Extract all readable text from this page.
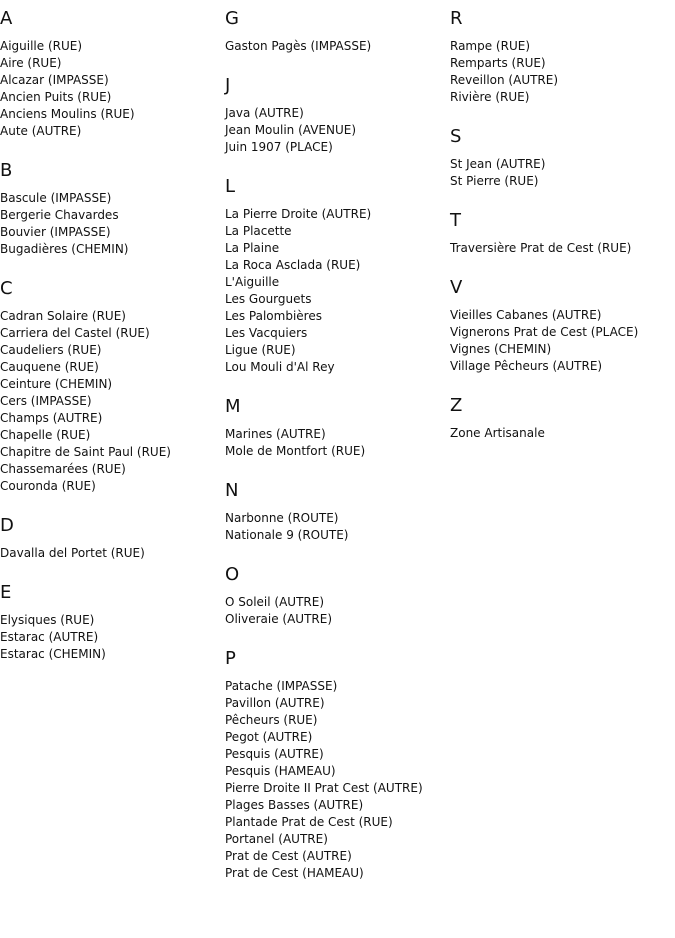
A
Aiguille (RUE)
Aire (RUE)
Alcazar (IMPASSE)
Ancien Puits (RUE)
Anciens Moulins (RUE)
Aute (AUTRE)
B
Bascule (IMPASSE)
Bergerie Chavardes
Bouvier (IMPASSE)
Bugadières (CHEMIN)
C
Cadran Solaire (RUE)
Carriera del Castel (RUE)
Caudeliers (RUE)
Cauquene (RUE)
Ceinture (CHEMIN)
Cers (IMPASSE)
Champs (AUTRE)
Chapelle (RUE)
Chapitre de Saint Paul (RUE)
Chassemarées (RUE)
Couronda (RUE)
D
Davalla del Portet (RUE)
E
Elysiques (RUE)
Estarac (AUTRE)
Estarac (CHEMIN)
G
Gaston Pagès (IMPASSE)
J
Java (AUTRE)
Jean Moulin (AVENUE)
Juin 1907 (PLACE)
L
La Pierre Droite (AUTRE)
La Placette
La Plaine
La Roca Asclada (RUE)
L'Aiguille
Les Gourguets
Les Palombières
Les Vacquiers
Ligue (RUE)
Lou Mouli d'Al Rey
M
Marines (AUTRE)
Mole de Montfort (RUE)
N
Narbonne (ROUTE)
Nationale 9 (ROUTE)
O
O Soleil (AUTRE)
Oliveraie (AUTRE)
P
Patache (IMPASSE)
Pavillon (AUTRE)
Pêcheurs (RUE)
Pegot (AUTRE)
Pesquis (AUTRE)
Pesquis (HAMEAU)
Pierre Droite II Prat Cest (AUTRE)
Plages Basses (AUTRE)
Plantade Prat de Cest (RUE)
Portanel (AUTRE)
Prat de Cest (AUTRE)
Prat de Cest (HAMEAU)
R
Rampe (RUE)
Remparts (RUE)
Reveillon (AUTRE)
Rivière (RUE)
S
St Jean (AUTRE)
St Pierre (RUE)
T
Traversière Prat de Cest (RUE)
V
Vieilles Cabanes (AUTRE)
Vignerons Prat de Cest (PLACE)
Vignes (CHEMIN)
Village Pêcheurs (AUTRE)
Z
Zone Artisanale
